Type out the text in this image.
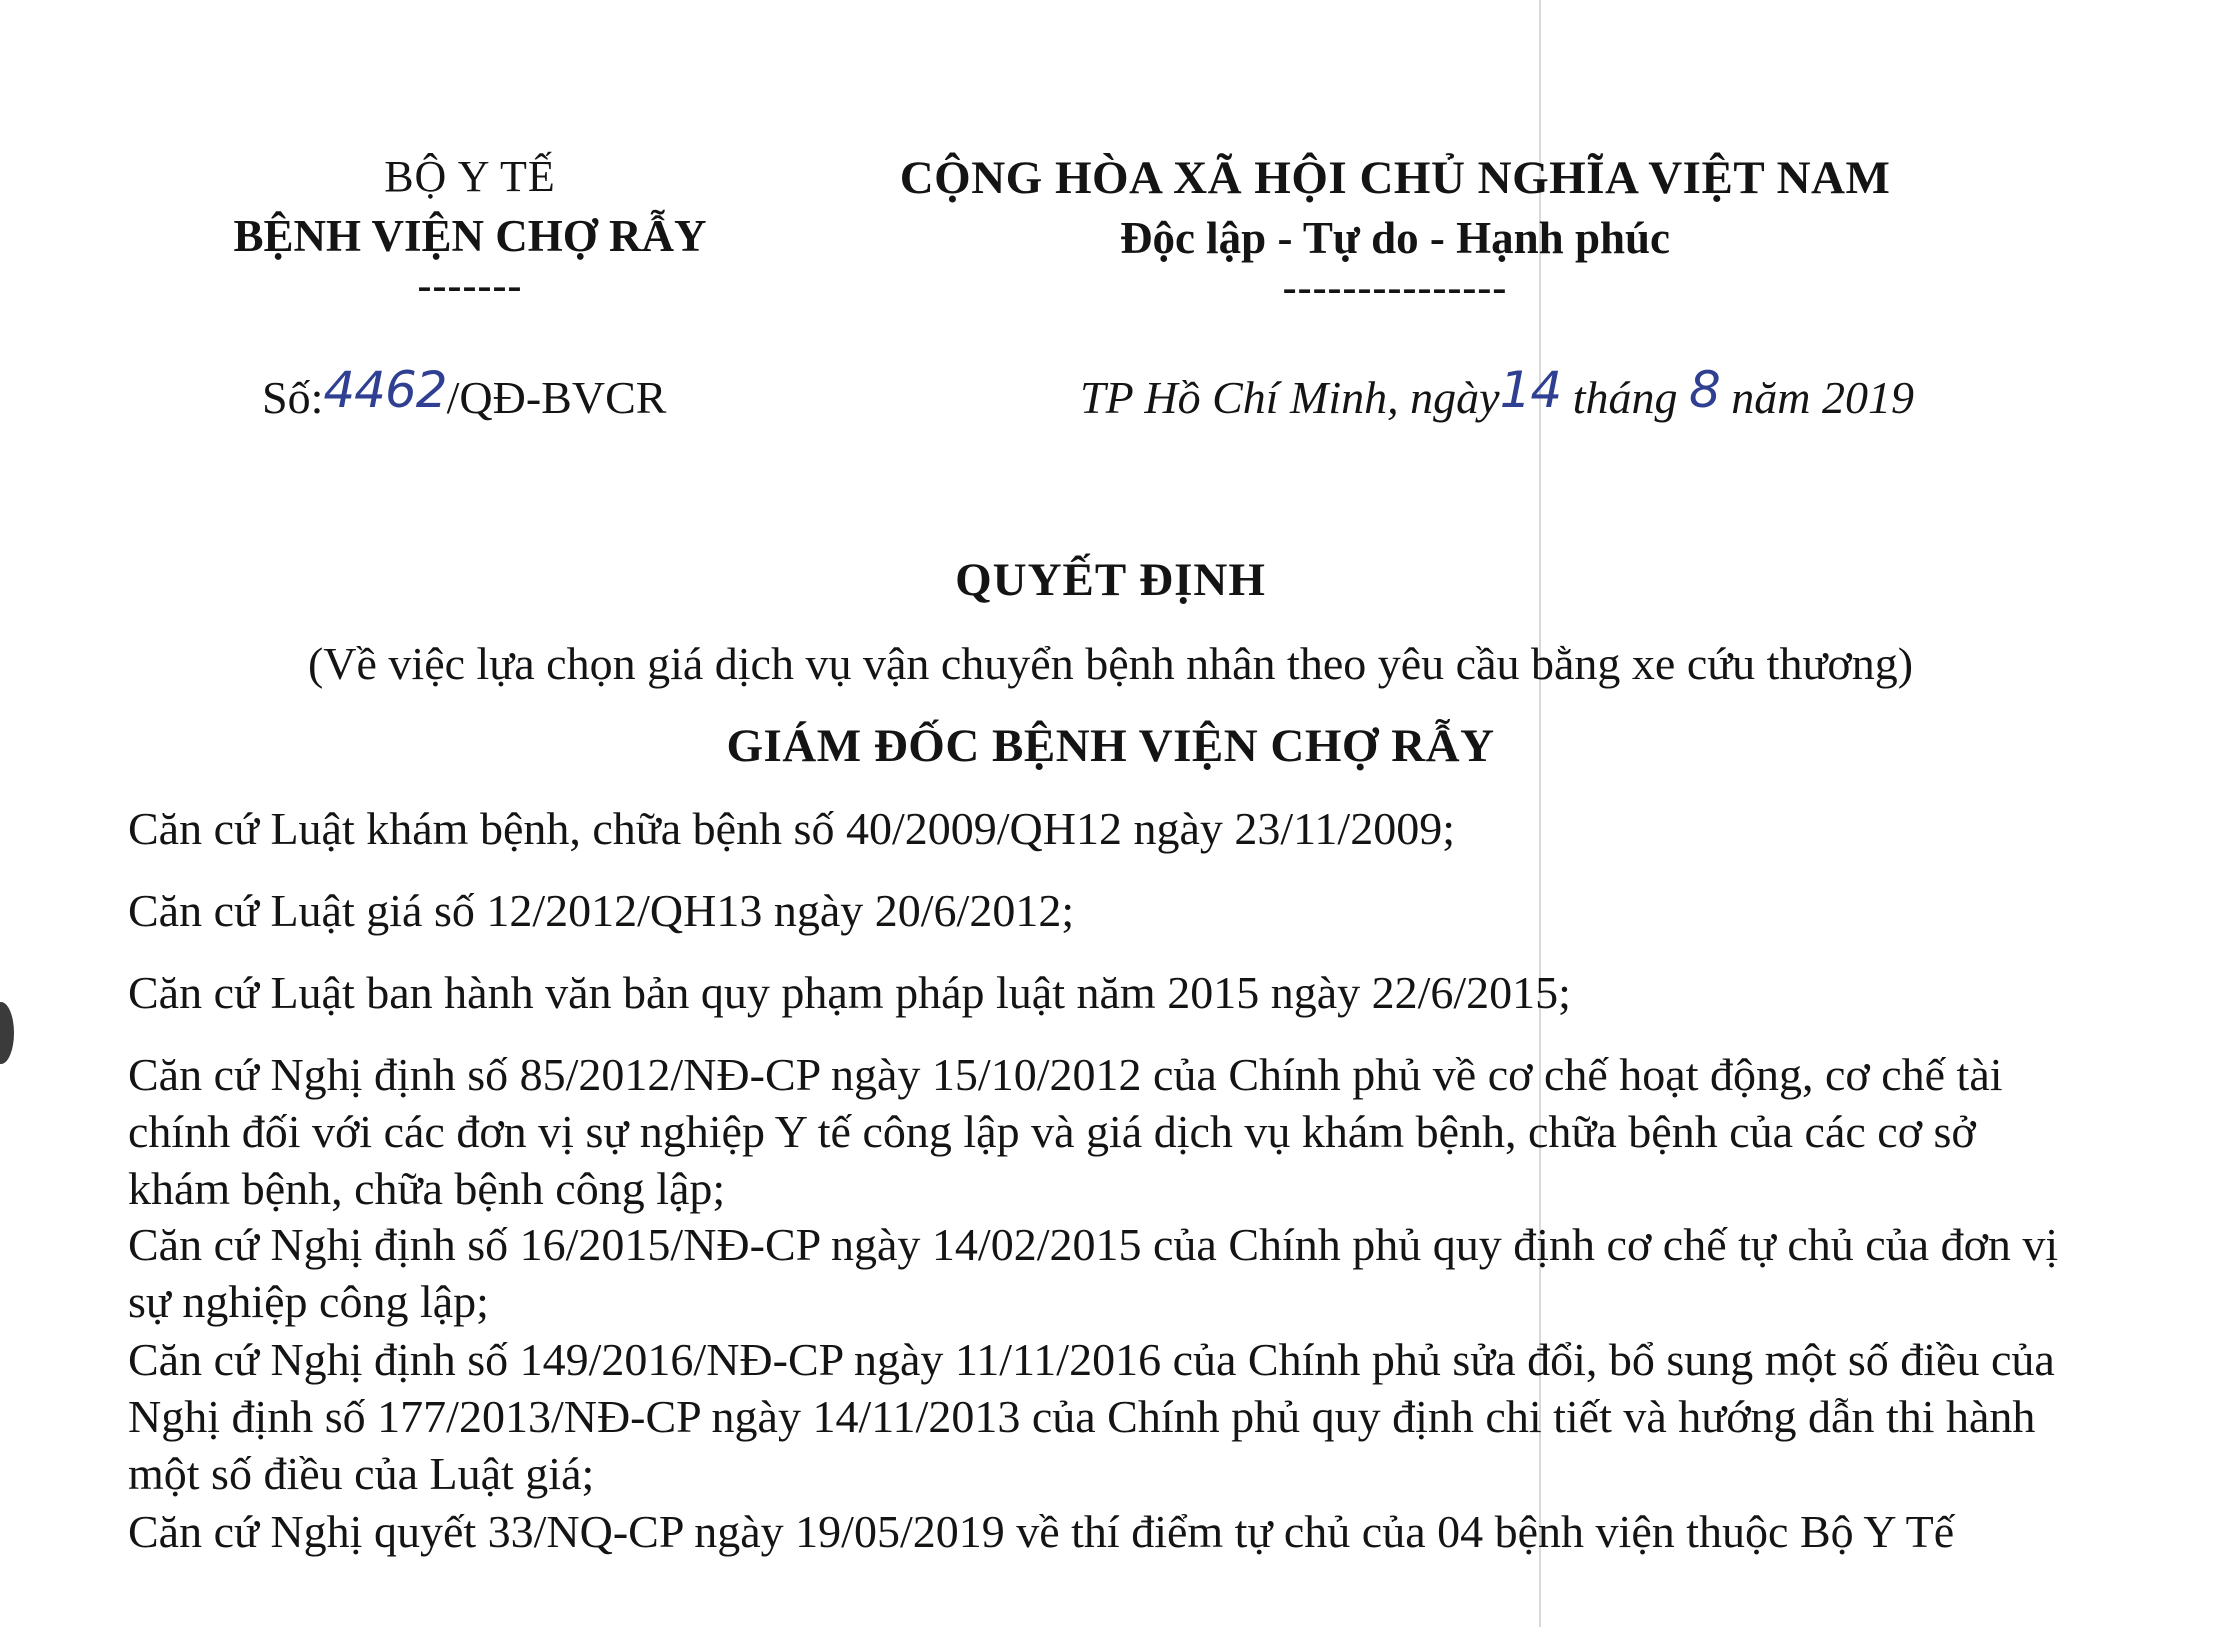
BỘ Y TẾ
BỆNH VIỆN CHỢ RẪY
-------
CỘNG HÒA XÃ HỘI CHỦ NGHĨA VIỆT NAM
Độc lập - Tự do - Hạnh phúc
---------------
Số:4462/QĐ-BVCR	TP Hồ Chí Minh, ngày14 tháng 8 năm 2019
QUYẾT ĐỊNH
(Về việc lựa chọn giá dịch vụ vận chuyển bệnh nhân theo yêu cầu bằng xe cứu thương)
GIÁM ĐỐC BỆNH VIỆN CHỢ RẪY

Căn cứ Luật khám bệnh, chữa bệnh số 40/2009/QH12 ngày 23/11/2009;

Căn cứ Luật giá số 12/2012/QH13 ngày 20/6/2012;

Căn cứ Luật ban hành văn bản quy phạm pháp luật năm 2015 ngày 22/6/2015;

Căn cứ Nghị định số 85/2012/NĐ-CP ngày 15/10/2012 của Chính phủ về cơ chế hoạt động, cơ chế tài chính đối với các đơn vị sự nghiệp Y tế công lập và giá dịch vụ khám bệnh, chữa bệnh của các cơ sở khám bệnh, chữa bệnh công lập;

Căn cứ Nghị định số 16/2015/NĐ-CP ngày 14/02/2015 của Chính phủ quy định cơ chế tự chủ của đơn vị sự nghiệp công lập;

Căn cứ Nghị định số 149/2016/NĐ-CP ngày 11/11/2016 của Chính phủ sửa đổi, bổ sung một số điều của Nghị định số 177/2013/NĐ-CP ngày 14/11/2013 của Chính phủ quy định chi tiết và hướng dẫn thi hành một số điều của Luật giá;

Căn cứ Nghị quyết 33/NQ-CP ngày 19/05/2019 về thí điểm tự chủ của 04 bệnh viện thuộc Bộ Y Tế
